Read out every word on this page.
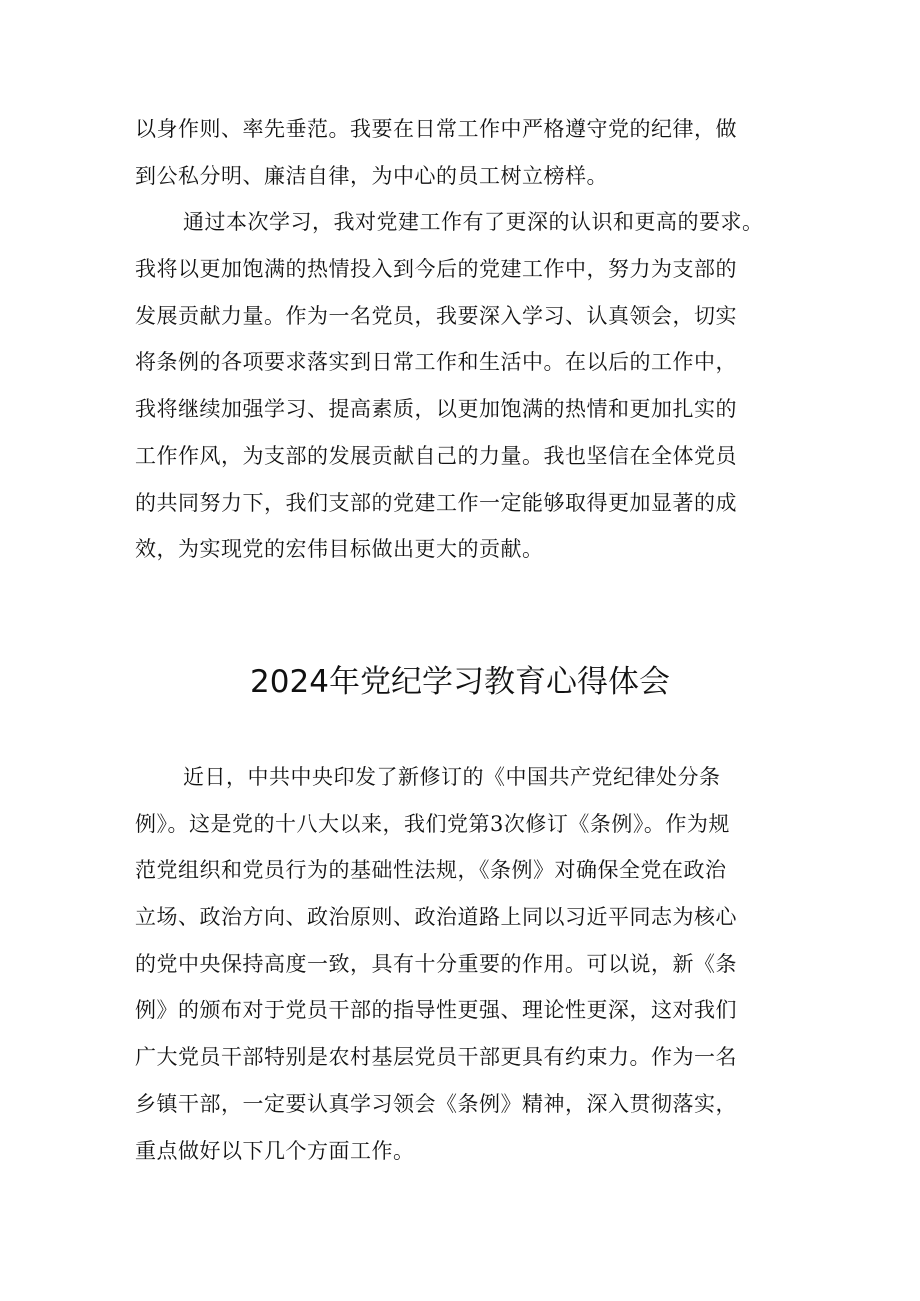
以身作则、率先垂范。我要在日常工作中严格遵守党的纪律，做
到公私分明、廉洁自律，为中心的员工树立榜样。
通过本次学习，我对党建工作有了更深的认识和更高的要求。
我将以更加饱满的热情投入到今后的党建工作中，努力为支部的
发展贡献力量。作为一名党员，我要深入学习、认真领会，切实
将条例的各项要求落实到日常工作和生活中。在以后的工作中，
我将继续加强学习、提高素质，以更加饱满的热情和更加扎实的
工作作风，为支部的发展贡献自己的力量。我也坚信在全体党员
的共同努力下，我们支部的党建工作一定能够取得更加显著的成
效，为实现党的宏伟目标做出更大的贡献。
2024年党纪学习教育心得体会
近日，中共中央印发了新修订的《中国共产党纪律处分条
例》。这是党的十八大以来，我们党第3次修订《条例》。作为规
范党组织和党员行为的基础性法规，《条例》对确保全党在政治
立场、政治方向、政治原则、政治道路上同以习近平同志为核心
的党中央保持高度一致，具有十分重要的作用。可以说，新《条
例》的颁布对于党员干部的指导性更强、理论性更深，这对我们
广大党员干部特别是农村基层党员干部更具有约束力。作为一名
乡镇干部，一定要认真学习领会《条例》精神，深入贯彻落实，
重点做好以下几个方面工作。
